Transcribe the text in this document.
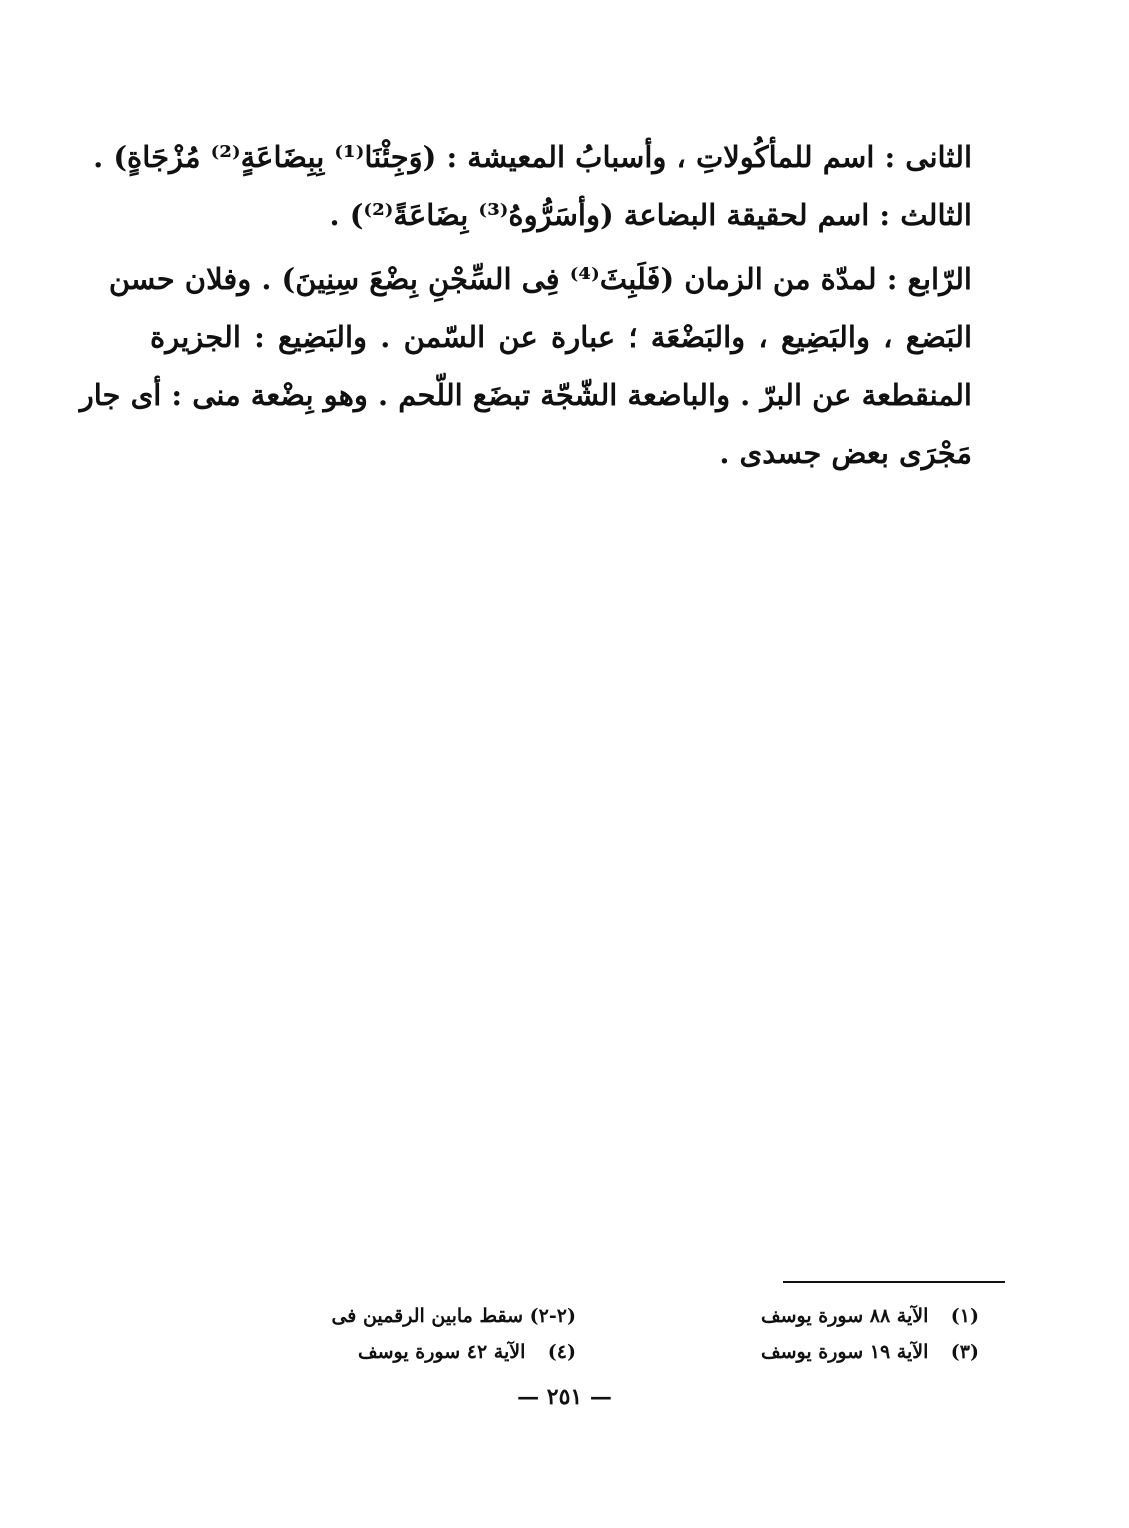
الثانى : اسم للمأكُولاتِ ، وأسبابُ المعيشة : (وَجِئْنَا⁽¹⁾ بِبِضَاعَةٍ⁽²⁾ مُزْجَاةٍ) .
الثالث : اسم لحقيقة البضاعة (وأسَرُّوهُ⁽³⁾ بِضَاعَةً⁽²⁾) .
الرّابع : لمدّة من الزمان (فَلَبِثَ⁽⁴⁾ فِى السِّجْنِ بِضْعَ سِنِينَ) . وفلان حسن
البَضع ، والبَضِيع ، والبَضْعَة ؛ عبارة عن السّمن . والبَضِيع : الجزيرة
المنقطعة عن البرّ . والباضعة الشّجّة تبضَع اللّحم . وهو بِضْعة منى : أى جار
مَجْرَى بعض جسدى .
(١) الآية ٨٨ سورة يوسف
(٣) الآية ١٩ سورة يوسف
(٢-٢) سقط مابين الرقمين فى
(٤) الآية ٤٢ سورة يوسف
— ٢٥١ —
